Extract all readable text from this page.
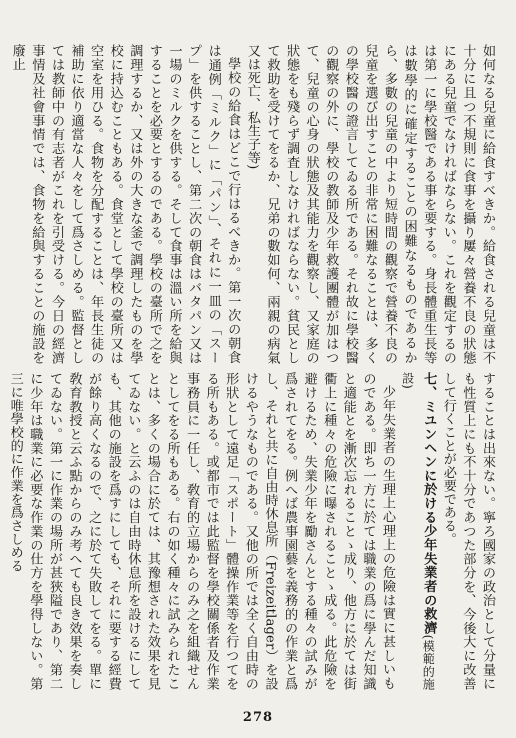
如何なる兒童に給食すべきか。給食される兒童は不十分に且つ不規則に食事を攝り屢々營養不良の狀態にある兒童でなければならない。これを觀定するのは第一に學校醫である事を要する。身長體重生長等は數學的に確定することの困難なるものであるから、多數の兒童の中より短時間の觀察で營養不良の兒童を選び出すことの非常に困難なることは、多くの學校醫の證言してゐる所である。それ故に學校醫の觀察の外に、學校の教師及少年救護團體が加はつて、兒童の心身の狀態及其能力を觀察し、又家庭の狀態をも殘らず調査しなければならない。貧民として救助を受けてをるか、兄弟の數如何、兩親の病氣又は死亡、私生子等)

學校の給食はどこで行はるべきか。第一次の朝食は通例「ミルク」に「パン」、それに一皿の「スープ」を供することし、第二次の朝食はバタパン又は一場のミルクを供する。そして食事は溫い所を給與することを必要とするのである。學校の臺所で之を調理するか、又は外の大きな釜で調理したものを學校に持込むこともある。食堂として學校の臺所又は空室を用ひる。食物を分配することは、年長生徒の補助に依り適當な人々をして爲さしめる。監督としては教師中の有志者がこれを引受ける。今日の經濟事情及社會事情では、食物を給與することの施設を廢止

することは出來ない。寧ろ國家の政治として分量にも性質上にも不十分であつた部分を、今後大に改善して行くことが必要である。

七、ミユンヘンに於ける少年失業者の救濟(模範的施設)

少年失業者の生理上心理上の危險は實に甚しいものである。即ち一方に於ては職業の爲に學んだ知識と適能とを漸次忘れることゝ成り、他方に於ては街衢上に種々の危險に曝されることゝ成る。此危險を避けるため、失業少年を勵さんとする種々の試みが爲されてをる。例へば農事園藝を義務的の作業と爲し、それと共に自由時休息所（Freizeitlager）を設けるやうなものである。又他の所では全く自由時の形狀として遠足「スポート」體操作業等を行つてをる所もある。或都市では此監督を學校關係者及作業事務員に一任し、敎育的立場からのみ之を組織せんとしてをる所もある。右の如く種々に試みられたことは、多くの場合に於ては、其豫想された效果を見てゐない。と云ふのは自由時休息所を設けるにしても、其他の施設を爲すにしても、それに要する經費が餘り高くなるので、之に於て失敗してをる。單に敎育教授と云ふ點からのみ考へても良き效果を奏してゐない。第一に作業の場所が甚狹隘であり、第二に少年は職業に必要な作業の仕方を學得しない。第三に唯學校的に作業を爲さしめる

278
